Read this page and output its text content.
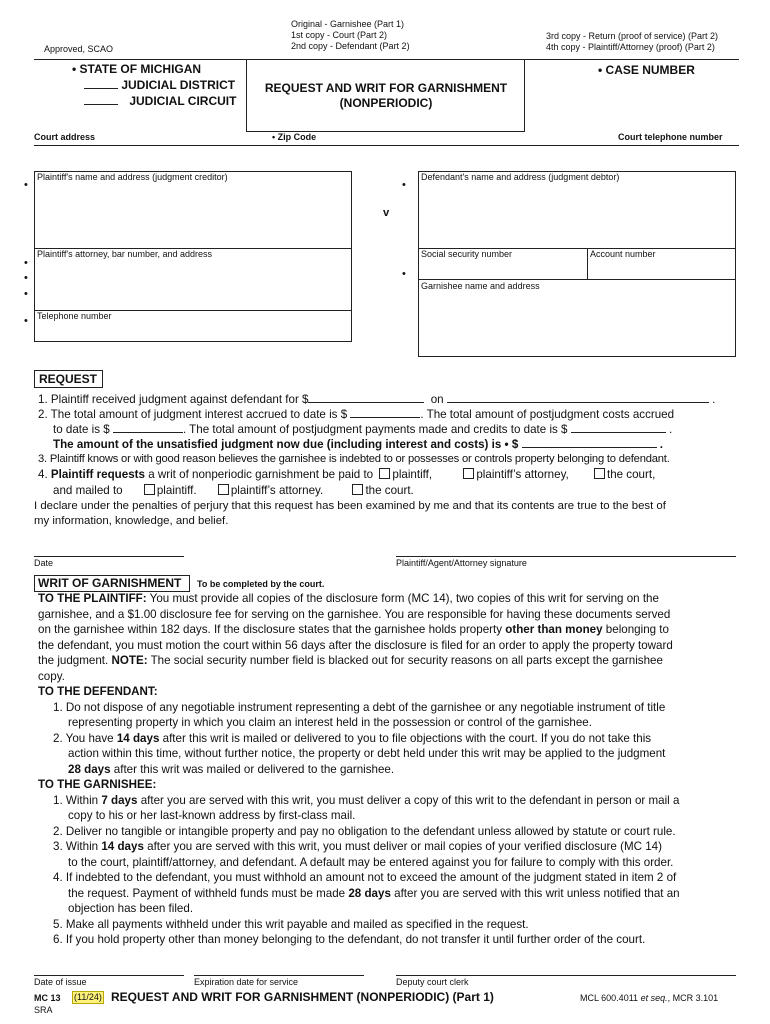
Approved, SCAO
Original - Garnishee (Part 1)
1st copy - Court (Part 2)
2nd copy - Defendant (Part 2)
3rd copy - Return (proof of service) (Part 2)
4th copy - Plaintiff/Attorney (proof) (Part 2)
• STATE OF MICHIGAN
JUDICIAL DISTRICT
JUDICIAL CIRCUIT
REQUEST AND WRIT FOR GARNISHMENT
(NONPERIODIC)
• CASE NUMBER
Court address	• Zip Code	Court telephone number
Plaintiff's name and address (judgment creditor)
Plaintiff's attorney, bar number, and address
Telephone number
•
•
•
•
•
v
Defendant's name and address (judgment debtor)
Social security number	Account number
Garnishee name and address
•
•
REQUEST
1. Plaintiff received judgment against defendant for $	on	.
2. The total amount of judgment interest accrued to date is $	. The total amount of postjudgment costs accrued
to date is $	. The total amount of postjudgment payments made and credits to date is $	.
The amount of the unsatisfied judgment now due (including interest and costs) is • $	.
3. Plaintiff knows or with good reason believes the garnishee is indebted to or possesses or controls property belonging to defendant.
4. Plaintiff requests a writ of nonperiodic garnishment be paid to plaintiff,	plaintiff’s attorney,	the court,
and mailed to	plaintiff.	plaintiff’s attorney.	the court.
I declare under the penalties of perjury that this request has been examined by me and that its contents are true to the best of
my information, knowledge, and belief.
Date	Plaintiff/Agent/Attorney signature
WRIT OF GARNISHMENT	To be completed by the court.
TO THE PLAINTIFF: You must provide all copies of the disclosure form (MC 14), two copies of this writ for serving on the
garnishee, and a $1.00 disclosure fee for serving on the garnishee. You are responsible for having these documents served
on the garnishee within 182 days. If the disclosure states that the garnishee holds property other than money belonging to
the defendant, you must motion the court within 56 days after the disclosure is filed for an order to apply the property toward
the judgment. NOTE: The social security number field is blacked out for security reasons on all parts except the garnishee
copy.
TO THE DEFENDANT:
1. Do not dispose of any negotiable instrument representing a debt of the garnishee or any negotiable instrument of title
representing property in which you claim an interest held in the possession or control of the garnishee.
2. You have 14 days after this writ is mailed or delivered to you to file objections with the court. If you do not take this
action within this time, without further notice, the property or debt held under this writ may be applied to the judgment
28 days after this writ was mailed or delivered to the garnishee.
TO THE GARNISHEE:
1. Within 7 days after you are served with this writ, you must deliver a copy of this writ to the defendant in person or mail a
copy to his or her last-known address by first-class mail.
2. Deliver no tangible or intangible property and pay no obligation to the defendant unless allowed by statute or court rule.
3. Within 14 days after you are served with this writ, you must deliver or mail copies of your verified disclosure (MC 14)
to the court, plaintiff/attorney, and defendant. A default may be entered against you for failure to comply with this order.
4. If indebted to the defendant, you must withhold an amount not to exceed the amount of the judgment stated in item 2 of
the request. Payment of withheld funds must be made 28 days after you are served with this writ unless notified that an
objection has been filed.
5. Make all payments withheld under this writ payable and mailed as specified in the request.
6. If you hold property other than money belonging to the defendant, do not transfer it until further order of the court.
Date of issue	Expiration date for service	Deputy court clerk
MC 13 (11/24) REQUEST AND WRIT FOR GARNISHMENT (NONPERIODIC) (Part 1)	MCL 600.4011 et seq., MCR 3.101
SRA
